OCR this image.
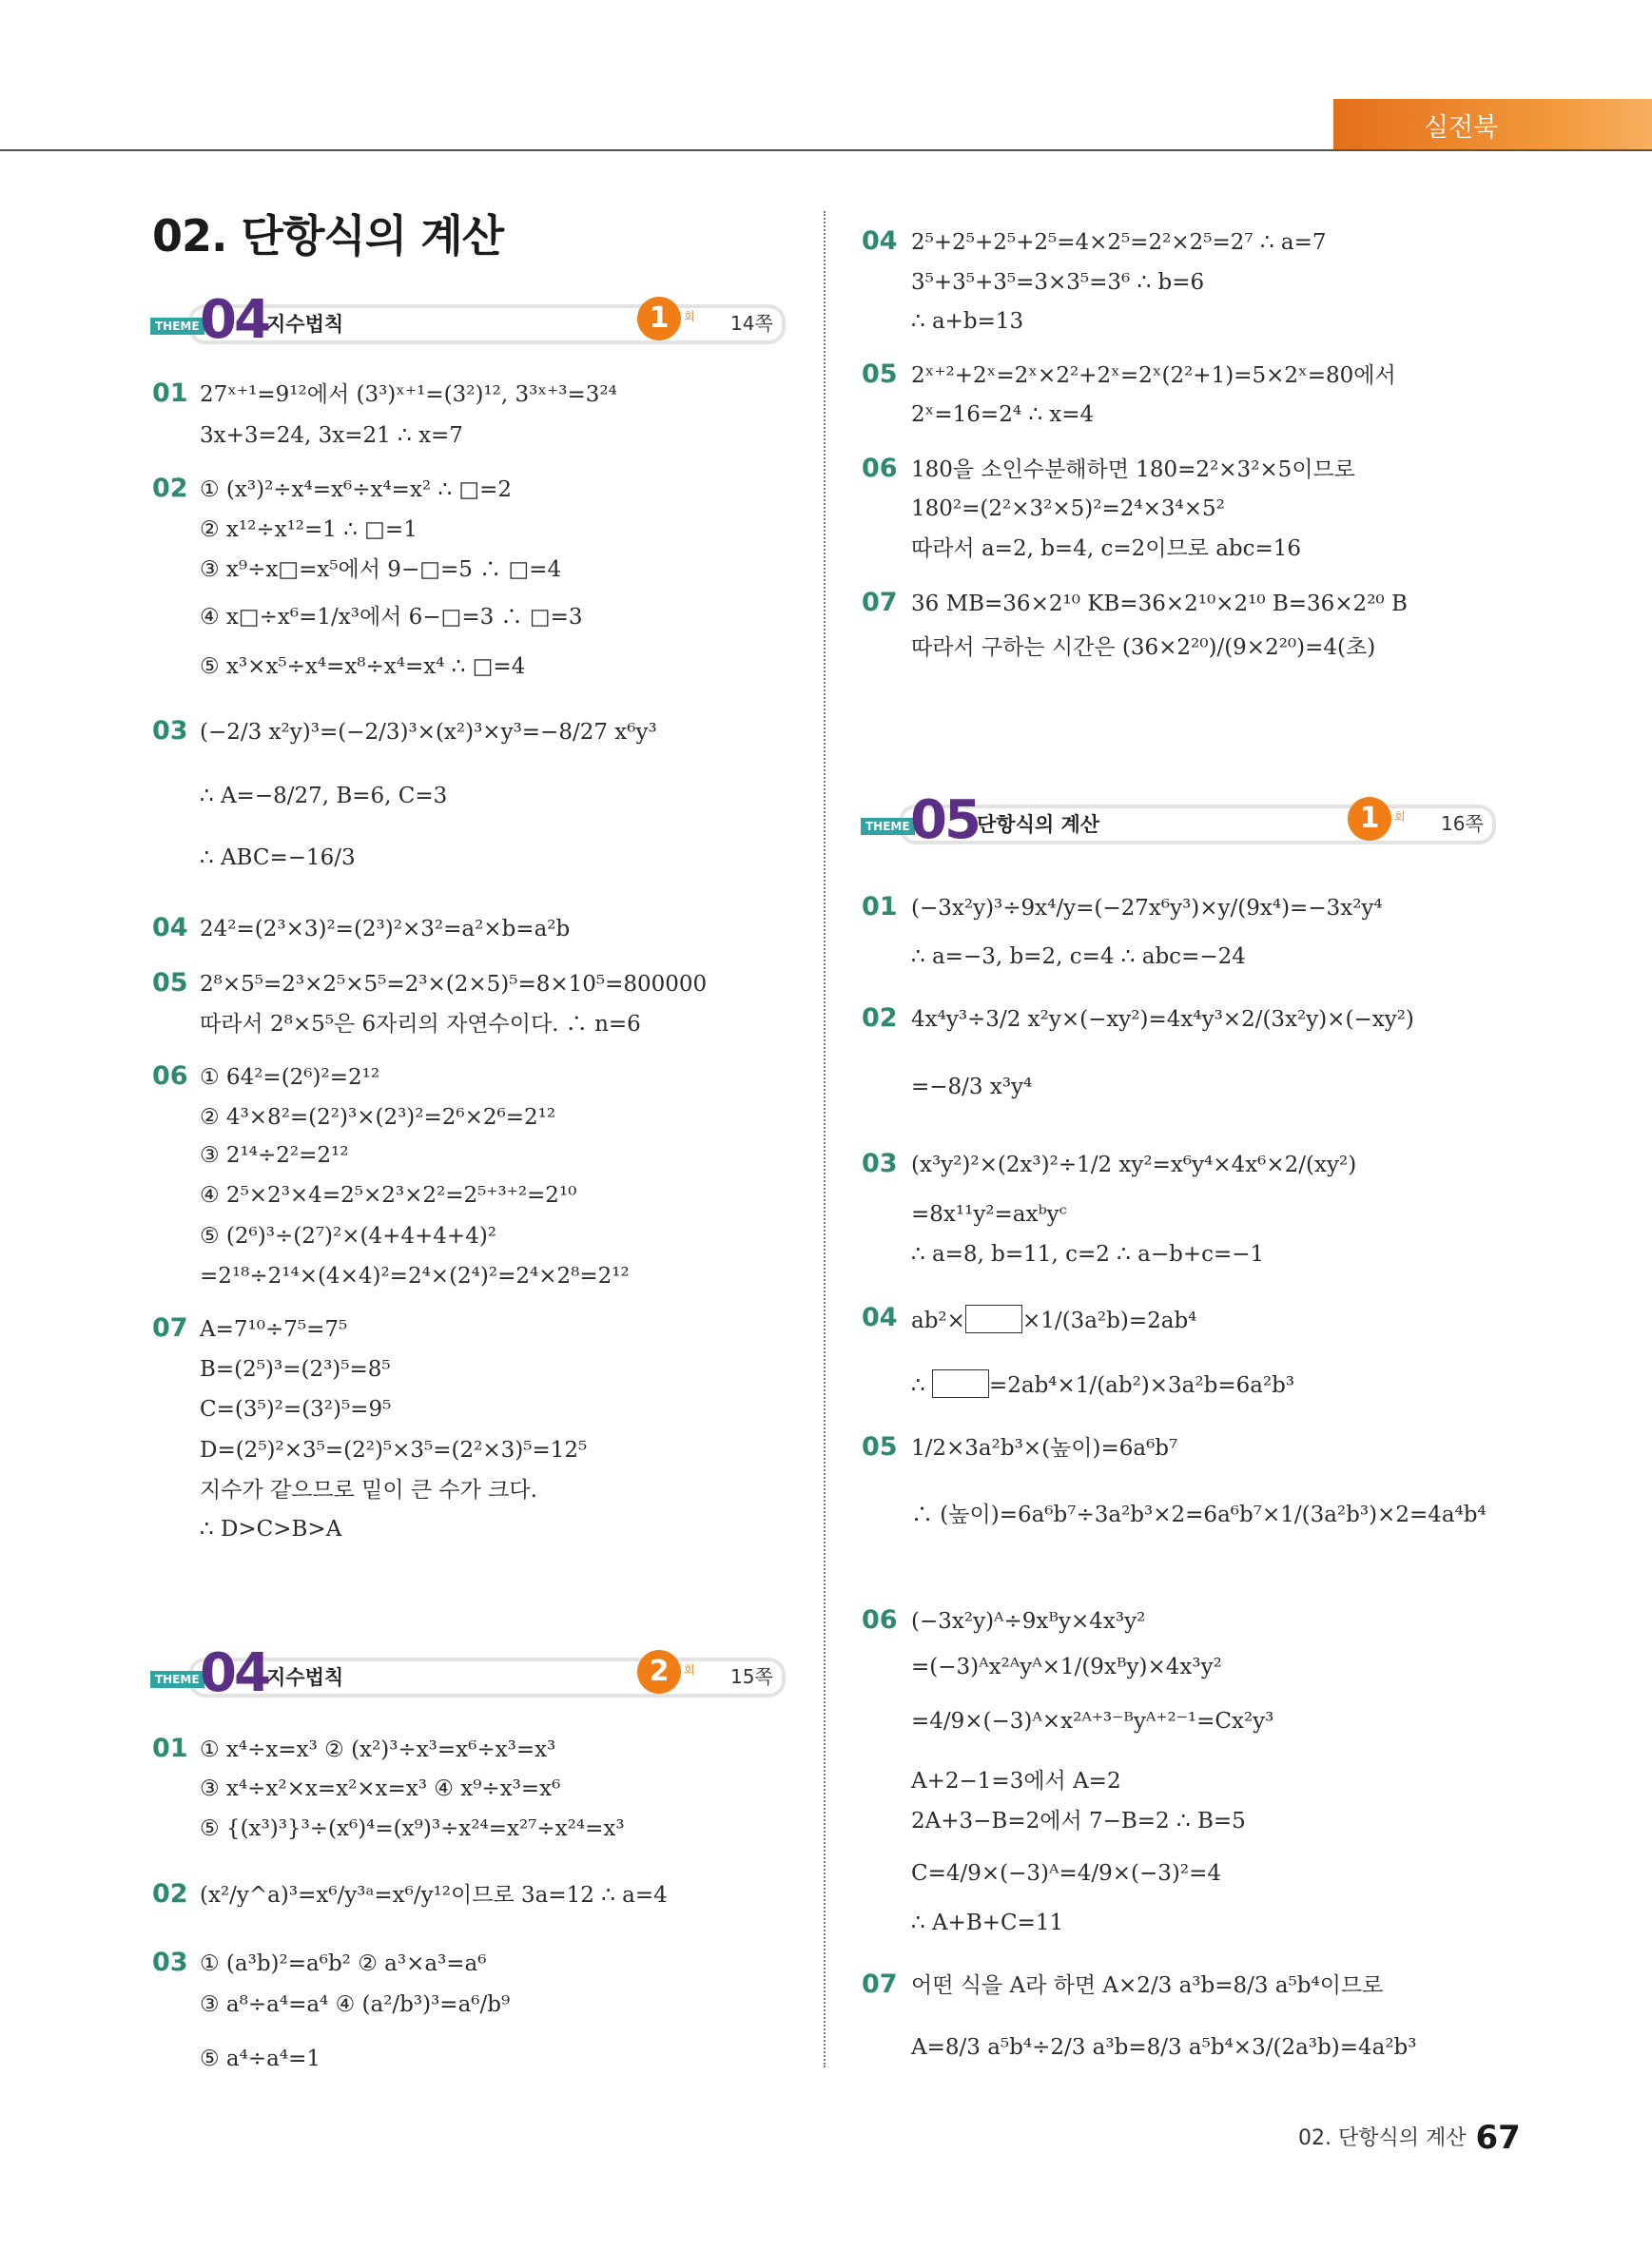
실전북
02. 단항식의 계산
THEME 04
지수법칙	1	회 14쪽
THEME 04
지수법칙	2	회 15쪽
THEME 05
단항식의 계산	1	회 16쪽
01 27ˣ⁺¹=9¹²에서 (3³)ˣ⁺¹=(3²)¹², 3³ˣ⁺³=3²⁴
3x+3=24, 3x=21 ∴ x=7
02 ① (x³)²÷x⁴=x⁶÷x⁴=x² ∴ □=2
② x¹²÷x¹²=1 ∴ □=1
③ x⁹÷x□=x⁵에서 9−□=5 ∴ □=4
④ x□÷x⁶=1/x³에서 6−□=3 ∴ □=3
⑤ x³×x⁵÷x⁴=x⁸÷x⁴=x⁴ ∴ □=4
03 (−2/3 x²y)³=(−2/3)³×(x²)³×y³=−8/27 x⁶y³
∴ A=−8/27, B=6, C=3
∴ ABC=−16/3
04 24²=(2³×3)²=(2³)²×3²=a²×b=a²b
05 2⁸×5⁵=2³×2⁵×5⁵=2³×(2×5)⁵=8×10⁵=800000
따라서 2⁸×5⁵은 6자리의 자연수이다. ∴ n=6
06 ① 64²=(2⁶)²=2¹²
② 4³×8²=(2²)³×(2³)²=2⁶×2⁶=2¹²
③ 2¹⁴÷2²=2¹²
④ 2⁵×2³×4=2⁵×2³×2²=2⁵⁺³⁺²=2¹⁰
⑤ (2⁶)³÷(2⁷)²×(4+4+4+4)²
=2¹⁸÷2¹⁴×(4×4)²=2⁴×(2⁴)²=2⁴×2⁸=2¹²
07 A=7¹⁰÷7⁵=7⁵
B=(2⁵)³=(2³)⁵=8⁵
C=(3⁵)²=(3²)⁵=9⁵
D=(2⁵)²×3⁵=(2²)⁵×3⁵=(2²×3)⁵=12⁵
지수가 같으므로 밑이 큰 수가 크다.
∴ D>C>B>A
01 ① x⁴÷x=x³ ② (x²)³÷x³=x⁶÷x³=x³
③ x⁴÷x²×x=x²×x=x³ ④ x⁹÷x³=x⁶
⑤ {(x³)³}³÷(x⁶)⁴=(x⁹)³÷x²⁴=x²⁷÷x²⁴=x³
02 (x²/y^a)³=x⁶/y³ᵃ=x⁶/y¹²이므로 3a=12 ∴ a=4
03 ① (a³b)²=a⁶b² ② a³×a³=a⁶
③ a⁸÷a⁴=a⁴ ④ (a²/b³)³=a⁶/b⁹
⑤ a⁴÷a⁴=1
04 2⁵+2⁵+2⁵+2⁵=4×2⁵=2²×2⁵=2⁷ ∴ a=7
3⁵+3⁵+3⁵=3×3⁵=3⁶ ∴ b=6
∴ a+b=13
05 2ˣ⁺²+2ˣ=2ˣ×2²+2ˣ=2ˣ(2²+1)=5×2ˣ=80에서
2ˣ=16=2⁴ ∴ x=4
06 180을 소인수분해하면 180=2²×3²×5이므로
180²=(2²×3²×5)²=2⁴×3⁴×5²
따라서 a=2, b=4, c=2이므로 abc=16
07 36 MB=36×2¹⁰ KB=36×2¹⁰×2¹⁰ B=36×2²⁰ B
따라서 구하는 시간은 (36×2²⁰)/(9×2²⁰)=4(초)
01 (−3x²y)³÷9x⁴/y=(−27x⁶y³)×y/(9x⁴)=−3x²y⁴
∴ a=−3, b=2, c=4 ∴ abc=−24
02 4x⁴y³÷3/2 x²y×(−xy²)=4x⁴y³×2/(3x²y)×(−xy²)
=−8/3 x³y⁴
03 (x³y²)²×(2x³)²÷1/2 xy²=x⁶y⁴×4x⁶×2/(xy²)
=8x¹¹y²=axᵇyᶜ
∴ a=8, b=11, c=2 ∴ a−b+c=−1
04 ab²×	×1/(3a²b)=2ab⁴
∴	=2ab⁴×1/(ab²)×3a²b=6a²b³
05 1/2×3a²b³×(높이)=6a⁶b⁷
∴ (높이)=6a⁶b⁷÷3a²b³×2=6a⁶b⁷×1/(3a²b³)×2=4a⁴b⁴
06 (−3x²y)ᴬ÷9xᴮy×4x³y²
=(−3)ᴬx²ᴬyᴬ×1/(9xᴮy)×4x³y²
=4/9×(−3)ᴬ×x²ᴬ⁺³⁻ᴮyᴬ⁺²⁻¹=Cx²y³
A+2−1=3에서 A=2
2A+3−B=2에서 7−B=2 ∴ B=5
C=4/9×(−3)ᴬ=4/9×(−3)²=4
∴ A+B+C=11
07 어떤 식을 A라 하면 A×2/3 a³b=8/3 a⁵b⁴이므로
A=8/3 a⁵b⁴÷2/3 a³b=8/3 a⁵b⁴×3/(2a³b)=4a²b³
02. 단항식의 계산 67
